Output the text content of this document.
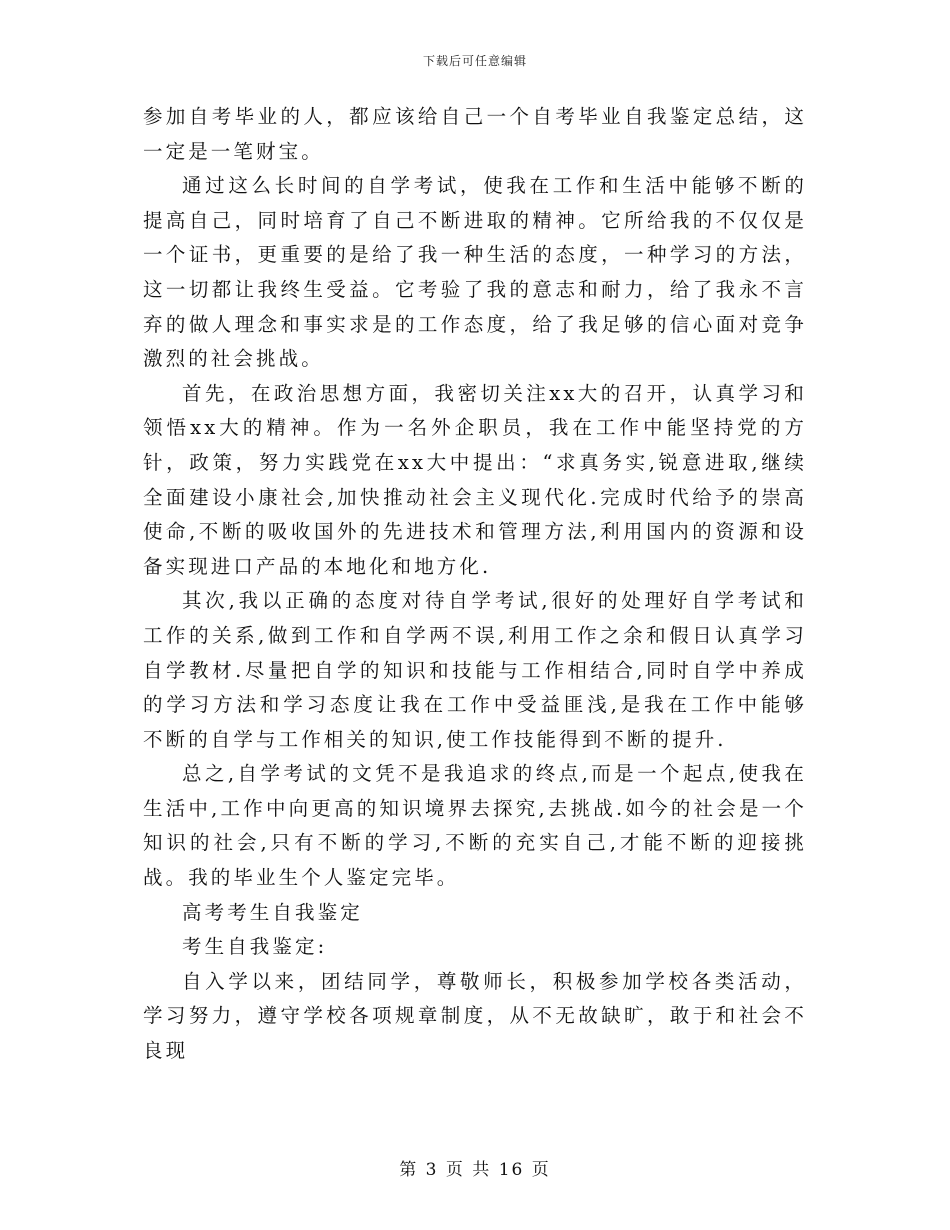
下载后可任意编辑

参加自考毕业的人，都应该给自己一个自考毕业自我鉴定总结，这一定是一笔财宝。

通过这么长时间的自学考试，使我在工作和生活中能够不断的提高自己，同时培育了自己不断进取的精神。它所给我的不仅仅是一个证书，更重要的是给了我一种生活的态度，一种学习的方法，这一切都让我终生受益。它考验了我的意志和耐力，给了我永不言弃的做人理念和事实求是的工作态度，给了我足够的信心面对竞争激烈的社会挑战。

首先，在政治思想方面，我密切关注xx大的召开，认真学习和领悟xx大的精神。作为一名外企职员，我在工作中能坚持党的方针，政策，努力实践党在xx大中提出：“求真务实,锐意进取,继续全面建设小康社会,加快推动社会主义现代化.完成时代给予的崇高使命,不断的吸收国外的先进技术和管理方法,利用国内的资源和设备实现进口产品的本地化和地方化.

其次,我以正确的态度对待自学考试,很好的处理好自学考试和工作的关系,做到工作和自学两不误,利用工作之余和假日认真学习自学教材.尽量把自学的知识和技能与工作相结合,同时自学中养成的学习方法和学习态度让我在工作中受益匪浅,是我在工作中能够不断的自学与工作相关的知识,使工作技能得到不断的提升.

总之,自学考试的文凭不是我追求的终点,而是一个起点,使我在生活中,工作中向更高的知识境界去探究,去挑战.如今的社会是一个知识的社会,只有不断的学习,不断的充实自己,才能不断的迎接挑战。我的毕业生个人鉴定完毕。

高考考生自我鉴定

考生自我鉴定:

自入学以来，团结同学，尊敬师长，积极参加学校各类活动，学习努力，遵守学校各项规章制度，从不无故缺旷，敢于和社会不良现

第 3 页 共 16 页
